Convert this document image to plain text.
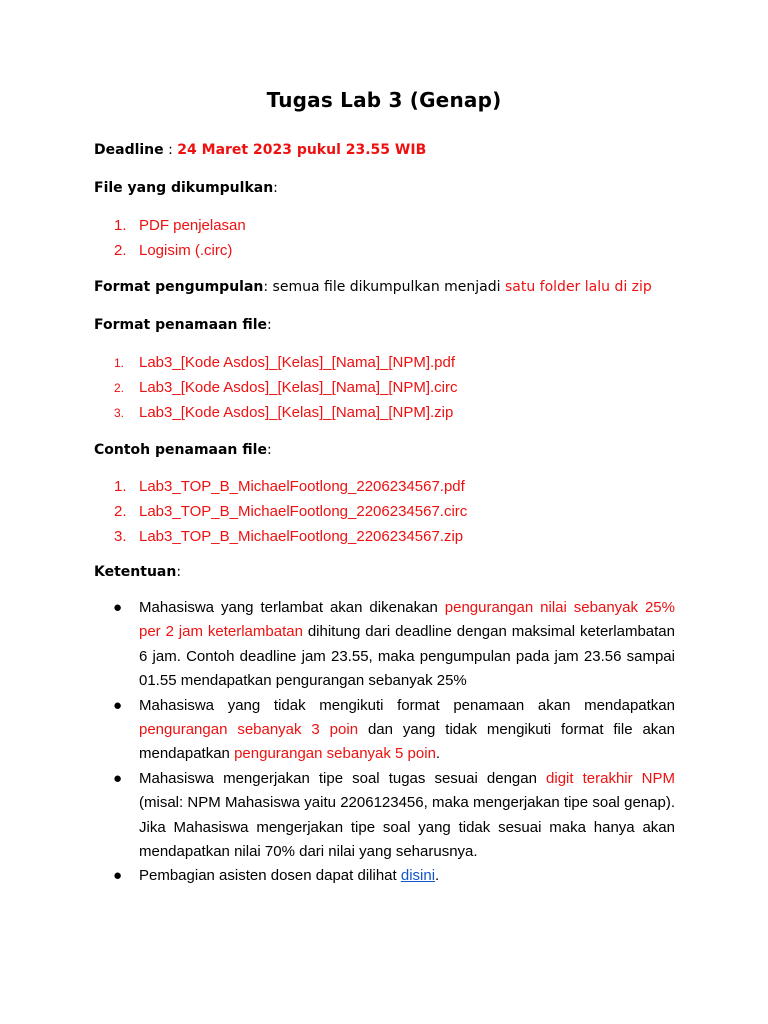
Tugas Lab 3 (Genap)
Deadline : 24 Maret 2023 pukul 23.55 WIB
File yang dikumpulkan:
1. PDF penjelasan
2. Logisim (.circ)
Format pengumpulan: semua file dikumpulkan menjadi satu folder lalu di zip
Format penamaan file:
1. Lab3_[Kode Asdos]_[Kelas]_[Nama]_[NPM].pdf
2. Lab3_[Kode Asdos]_[Kelas]_[Nama]_[NPM].circ
3. Lab3_[Kode Asdos]_[Kelas]_[Nama]_[NPM].zip
Contoh penamaan file:
1. Lab3_TOP_B_MichaelFootlong_2206234567.pdf
2. Lab3_TOP_B_MichaelFootlong_2206234567.circ
3. Lab3_TOP_B_MichaelFootlong_2206234567.zip
Ketentuan:
● Mahasiswa yang terlambat akan dikenakan pengurangan nilai sebanyak 25% per 2 jam keterlambatan dihitung dari deadline dengan maksimal keterlambatan 6 jam. Contoh deadline jam 23.55, maka pengumpulan pada jam 23.56 sampai 01.55 mendapatkan pengurangan sebanyak 25%
● Mahasiswa yang tidak mengikuti format penamaan akan mendapatkan pengurangan sebanyak 3 poin dan yang tidak mengikuti format file akan mendapatkan pengurangan sebanyak 5 poin.
● Mahasiswa mengerjakan tipe soal tugas sesuai dengan digit terakhir NPM (misal: NPM Mahasiswa yaitu 2206123456, maka mengerjakan tipe soal genap). Jika Mahasiswa mengerjakan tipe soal yang tidak sesuai maka hanya akan mendapatkan nilai 70% dari nilai yang seharusnya.
● Pembagian asisten dosen dapat dilihat disini.
